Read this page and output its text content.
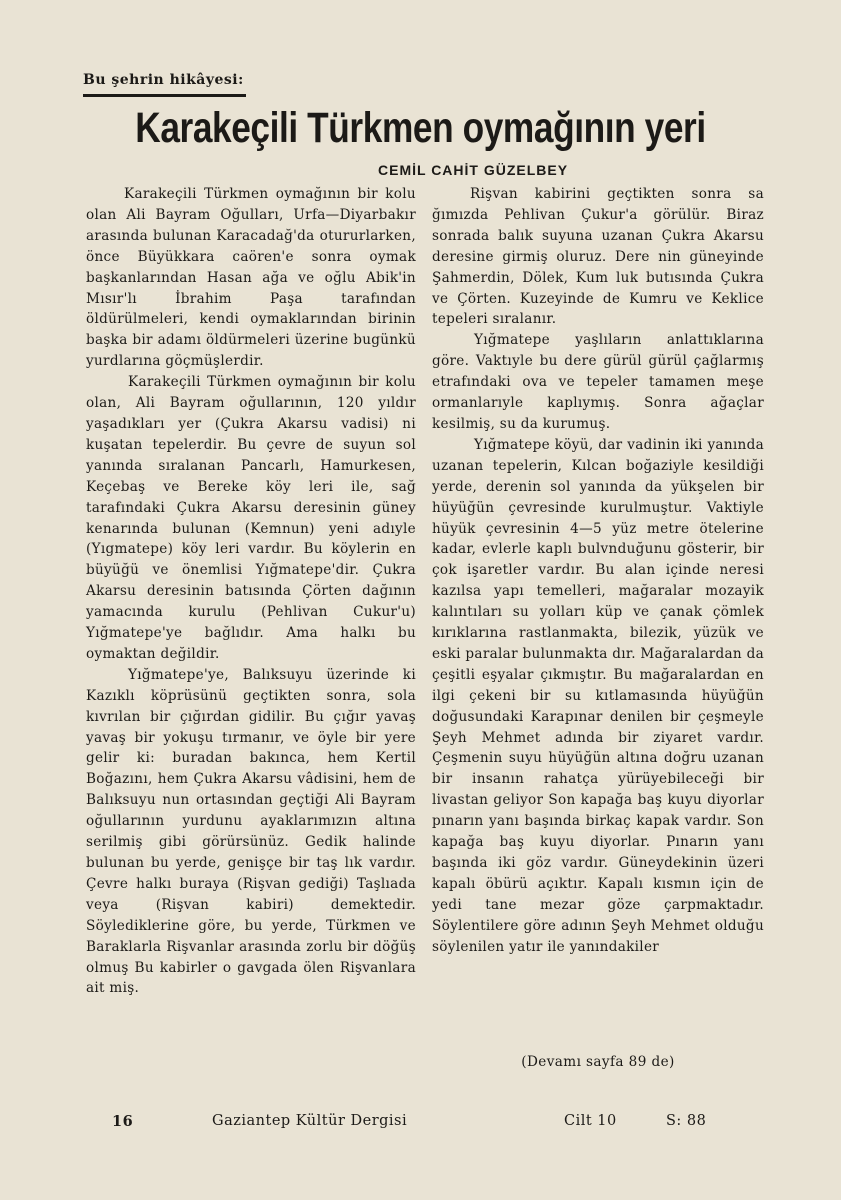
Bu şehrin hikâyesi:
Karakeçili Türkmen oymağının yeri
CEMİL CAHİT GÜZELBEY

Karakeçili Türkmen oymağının bir kolu olan Ali Bayram Oğulları, Urfa—Diyarbakır arasında bulunan Karacadağ'da otururlarken, önce Büyükkara caören'e sonra oymak başkanlarından Hasan ağa ve oğlu Abik'in Mısır'lı İbrahim Paşa tarafından öldürülmeleri, kendi oymaklarından birinin başka bir adamı öldürmeleri üzerine bugünkü yurdlarına göçmüşlerdir.

Karakeçili Türkmen oymağının bir kolu olan, Ali Bayram oğullarının, 120 yıldır yaşadıkları yer (Çukra Akarsu vadisi) ni kuşatan tepelerdir. Bu çevre de suyun sol yanında sıralanan Pancarlı, Hamurkesen, Keçebaş ve Bereke köy leri ile, sağ tarafındaki Çukra Akarsu deresinin güney kenarında bulunan (Kemnun) yeni adıyle (Yıgmatepe) köy leri vardır. Bu köylerin en büyüğü ve önemlisi Yığmatepe'dir. Çukra Akarsu deresinin batısında Çörten dağının yamacında kurulu (Pehlivan Cukur'u) Yığmatepe'ye bağlıdır. Ama halkı bu oymaktan değildir.

Yığmatepe'ye, Balıksuyu üzerinde ki Kazıklı köprüsünü geçtikten sonra, sola kıvrılan bir çığırdan gidilir. Bu çığır yavaş yavaş bir yokuşu tırmanır, ve öyle bir yere gelir ki: buradan bakınca, hem Kertil Boğazını, hem Çukra Akarsu vâdisini, hem de Balıksuyu nun ortasından geçtiği Ali Bayram oğullarının yurdunu ayaklarımızın altına serilmiş gibi görürsünüz. Gedik halinde bulunan bu yerde, genişçe bir taş lık vardır. Çevre halkı buraya (Rişvan gediği) Taşlıada veya (Rişvan kabiri) demektedir. Söylediklerine göre, bu yerde, Türkmen ve Baraklarla Rişvanlar arasında zorlu bir döğüş olmuş Bu kabirler o gavgada ölen Rişvanlara ait miş.

Rişvan kabirini geçtikten sonra sa ğımızda Pehlivan Çukur'a görülür. Biraz sonrada balık suyuna uzanan Çukra Akarsu deresine girmiş oluruz. Dere nin güneyinde Şahmerdin, Dölek, Kum luk butısında Çukra ve Çörten. Kuzeyinde de Kumru ve Keklice tepeleri sıralanır.

Yığmatepe yaşlıların anlattıklarına göre. Vaktıyle bu dere gürül gürül çağlarmış etrafındaki ova ve tepeler tamamen meşe ormanlarıyle kaplıymış. Sonra ağaçlar kesilmiş, su da kurumuş.

Yığmatepe köyü, dar vadinin iki yanında uzanan tepelerin, Kılcan boğaziyle kesildiği yerde, derenin sol yanında da yükşelen bir hüyüğün çevresinde kurulmuştur. Vaktiyle hüyük çevresinin 4—5 yüz metre ötelerine kadar, evlerle kaplı bulvnduğunu gösterir, bir çok işaretler vardır. Bu alan içinde neresi kazılsa yapı temelleri, mağaralar mozayik kalıntıları su yolları küp ve çanak çömlek kırıklarına rastlanmakta, bilezik, yüzük ve eski paralar bulunmakta dır. Mağaralardan da çeşitli eşyalar çıkmıştır. Bu mağaralardan en ilgi çekeni bir su kıtlamasında hüyüğün doğusundaki Karapınar denilen bir çeşmeyle Şeyh Mehmet adında bir ziyaret vardır. Çeşmenin suyu hüyüğün altına doğru uzanan bir insanın rahatça yürüyebileceği bir livastan geliyor Son kapağa baş kuyu diyorlar pınarın yanı başında birkaç kapak vardır. Son kapağa baş kuyu diyorlar. Pınarın yanı başında iki göz vardır. Güneydekinin üzeri kapalı öbürü açıktır. Kapalı kısmın için de yedi tane mezar göze çarpmaktadır. Söylentilere göre adının Şeyh Mehmet olduğu söylenilen yatır ile yanındakiler

(Devamı sayfa 89 de)
16	Gaziantep Kültür Dergisi	Cilt 10	S: 88
